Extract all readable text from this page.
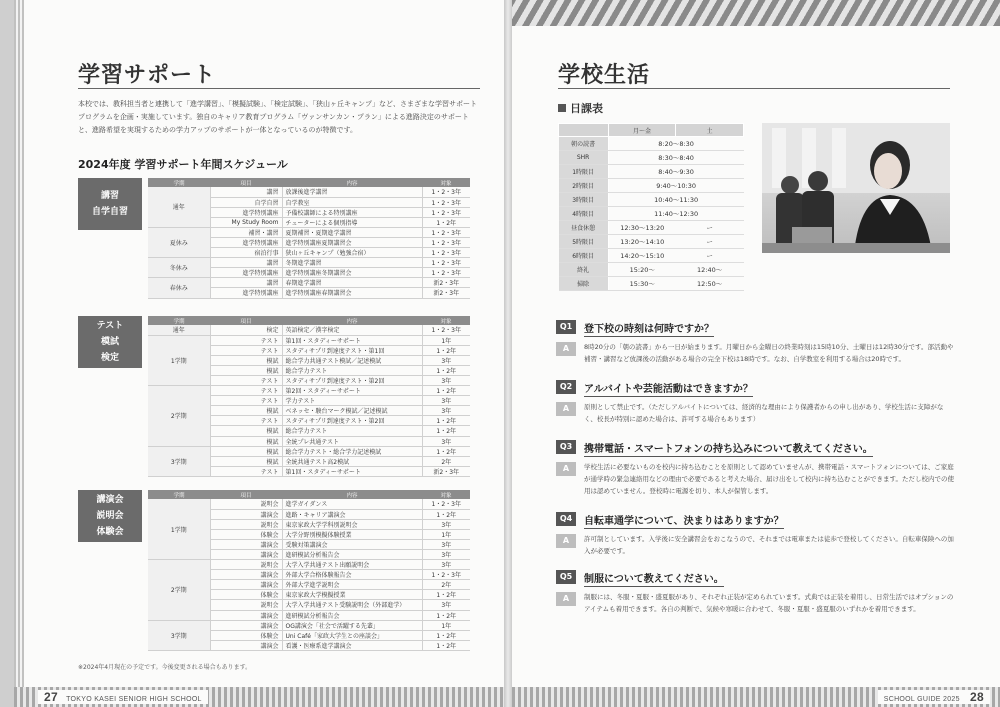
学習サポート
本校では、教科担当者と連携して「進学講習」、「模擬試験」、「検定試験」、「狭山ヶ丘キャンプ」など、さまざまな学習サポートプログラムを企画・実施しています。独自のキャリア教育プログラム「ヴァンサンカン・プラン」による進路決定のサポートと、進路希望を実現するための学力アップのサポートが一体となっているのが特徴です。
2024年度 学習サポート年間スケジュール
学期	項目	内容	対象
通年	講習	放課後進学講習	1・2・3年
	自学自習	自学教室	1・2・3年
	進学特別講座	予備校講師による特別講座	1・2・3年
	My Study Room	チューターによる個別指導	1・2年
夏休み	補習・講習	夏期補習・夏期進学講習	1・2・3年
	進学特別講座	進学特別講座夏期講習会	1・2・3年
	宿泊行事	狭山ヶ丘キャンプ（勉強合宿）	1・2・3年
冬休み	講習	冬期進学講習	1・2・3年
	進学特別講座	進学特別講座冬期講習会	1・2・3年
春休み	講習	春期進学講習	新2・3年
	進学特別講座	進学特別講座春期講習会	新2・3年
講習
自学自習
学期	項目	内容	対象
通年	検定	英語検定／漢字検定	1・2・3年
1学期	テスト	第1回・スタディーサポート	1年
	テスト	スタディサプリ到達度テスト・第1回	1・2年
	模試	総合学力共通テスト模試／記述模試	3年
	模試	総合学力テスト	1・2年
	テスト	スタディサプリ到達度テスト・第2回	3年
2学期	テスト	第2回・スタディーサポート	1・2年
	テスト	学力テスト	3年
	模試	ベネッセ・駿台マーク模試／記述模試	3年
	テスト	スタディサプリ到達度テスト・第2回	1・2年
	模試	総合学力テスト	1・2年
	模試	全統プレ共通テスト	3年
3学期	模試	総合学力テスト・総合学力記述模試	1・2年
	模試	全統共通テスト高2模試	2年
	テスト	第1回・スタディーサポート	新2・3年
テスト
模試
検定
学期	項目	内容	対象
1学期	説明会	進学ガイダンス	1・2・3年
	講演会	進路・キャリア講演会	1・2年
	説明会	東京家政大学学科別説明会	3年
	体験会	大学分野別模擬体験授業	1年
	講演会	受験対策講演会	3年
	講演会	進研模試分析報告会	3年
2学期	説明会	大学入学共通テスト出願説明会	3年
	講演会	外部大学合格体験報告会	1・2・3年
	講演会	外部大学進学説明会	2年
	体験会	東京家政大学模擬授業	1・2年
	説明会	大学入学共通テスト受験説明会（外部進学）	3年
	講演会	進研模試分析報告会	1・2年
3学期	講演会	OG講演会「社会で活躍する先輩」	1年
	体験会	Uni Café「家政大学生との座談会」	1・2年
	講演会	看護・医療系進学講演会	1・2年
講演会
説明会
体験会
※2024年4月現在の予定です。今後変更される場合もあります。
27 TOKYO KASEI SENIOR HIGH SCHOOL
学校生活
日課表
	月～金	土
朝の読書	8:20～8:30	
SHR	8:30～8:40	
1時限目	8:40～9:30	
2時限目	9:40～10:30	
3時限目	10:40～11:30	
4時限目	11:40～12:30	
昼食休憩	12:30～13:20	ー
5時限目	13:20～14:10	ー
6時限目	14:20～15:10	ー
終礼	15:20～	12:40～
掃除	15:30～	12:50～
Q1	登下校の時刻は何時ですか？
A	8時20分の「朝の読書」から一日が始まります。月曜日から金曜日の終業時刻は15時10分、土曜日は12時30分です。部活動や補習・講習など放課後の活動がある場合の完全下校は18時です。なお、自学教室を利用する場合は20時です。
Q2	アルバイトや芸能活動はできますか？
A	原則として禁止です。（ただしアルバイトについては、経済的な理由により保護者からの申し出があり、学校生活に支障がなく、校長が特別に認めた場合は、許可する場合もあります）
Q3	携帯電話・スマートフォンの持ち込みについて教えてください。
A	学校生活に必要ないものを校内に持ち込むことを原則として認めていませんが、携帯電話・スマートフォンについては、ご家庭が通学時の緊急連絡用などの理由で必要であると考えた場合、届け出をして校内に持ち込むことができます。ただし校内での使用は認めていません。登校時に電源を切り、本人が保管します。
Q4	自転車通学について、決まりはありますか？
A	許可制としています。入学後に安全講習会をおこなうので、それまでは電車または徒歩で登校してください。自転車保険への加入が必要です。
Q5	制服について教えてください。
A	制服には、冬服・夏服・盛夏服があり、それぞれ正装が定められています。式典では正装を着用し、日常生活ではオプションのアイテムも着用できます。各自の判断で、気候や寒暖に合わせて、冬服・夏服・盛夏服のいずれかを着用できます。
SCHOOL GUIDE 2025 28
